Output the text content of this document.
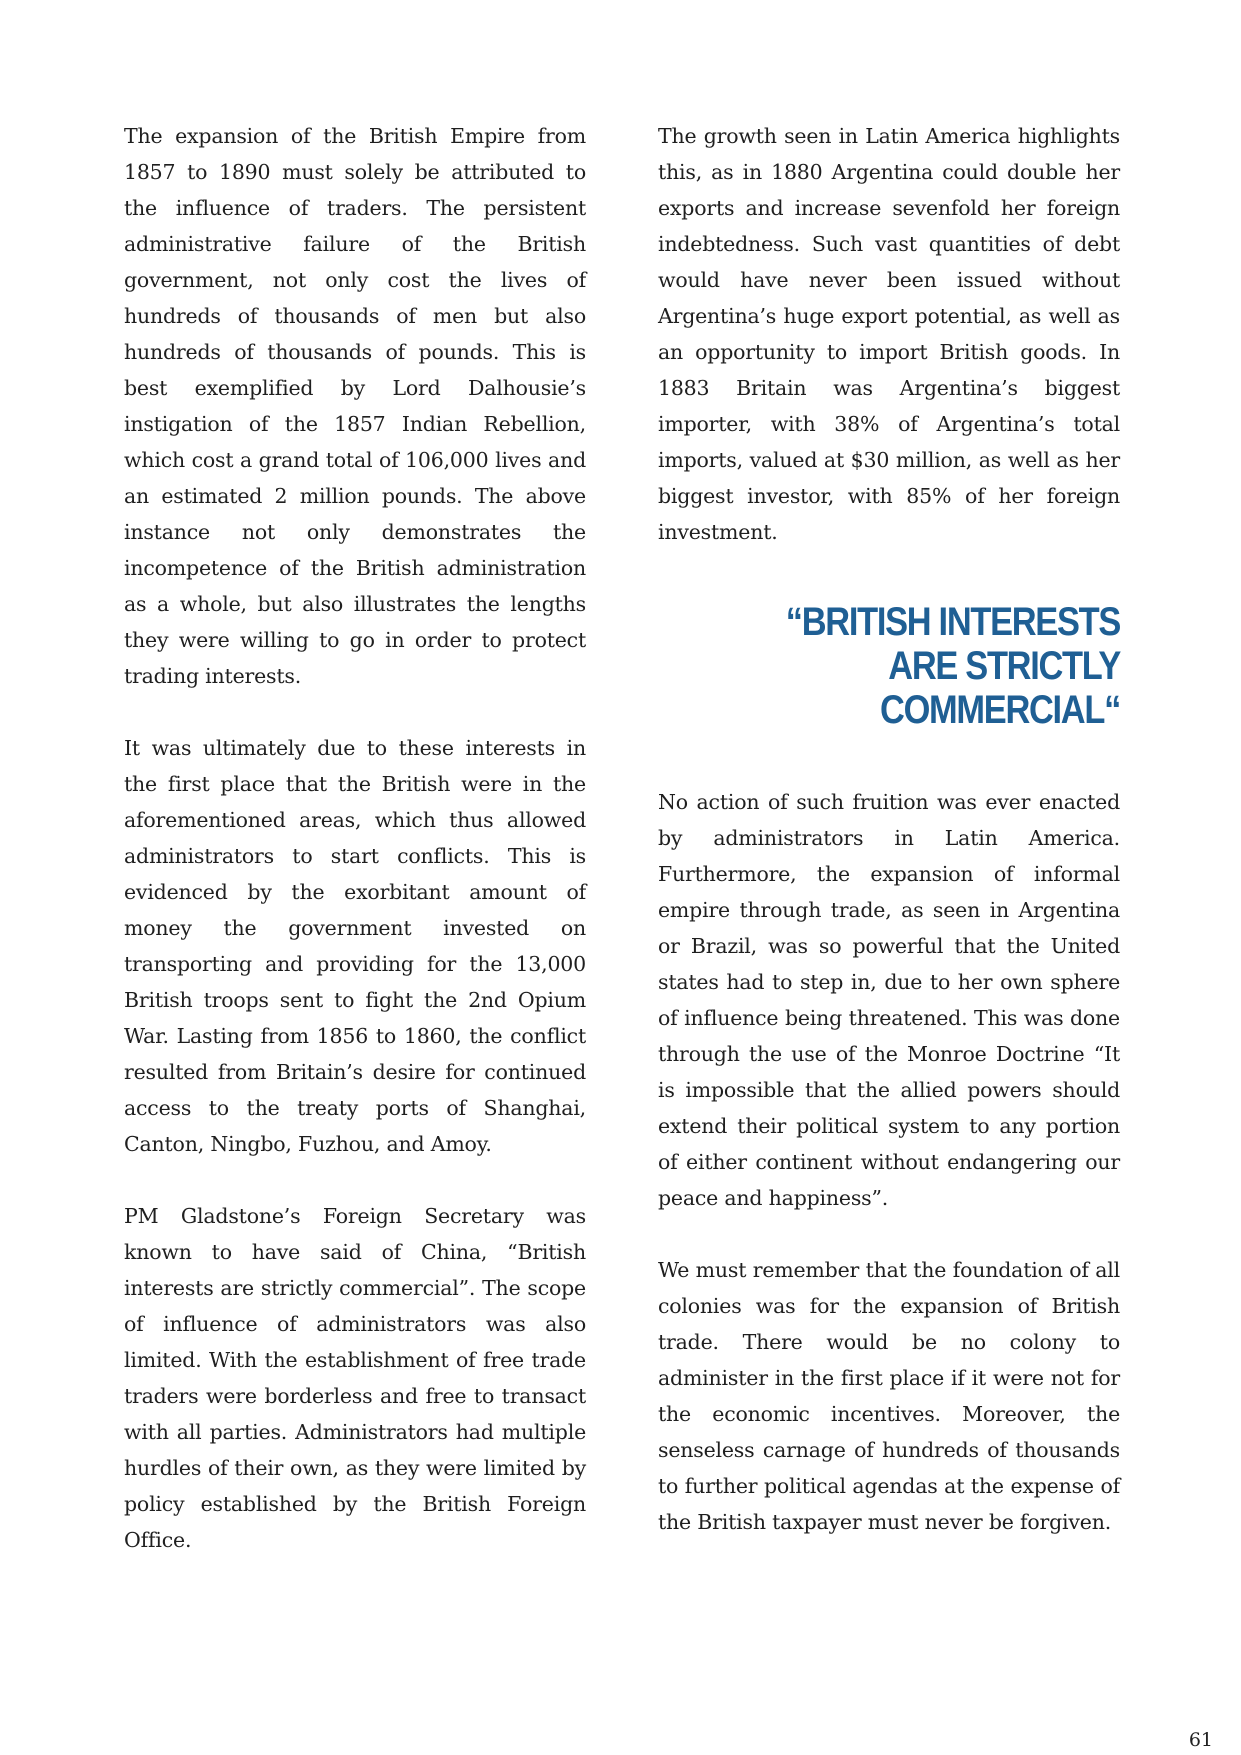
The expansion of the British Empire from 1857 to 1890 must solely be attributed to the influence of traders. The persistent administrative failure of the British government, not only cost the lives of hundreds of thousands of men but also hundreds of thousands of pounds. This is best exemplified by Lord Dalhousie’s instigation of the 1857 Indian Rebellion, which cost a grand total of 106,000 lives and an estimated 2 million pounds. The above instance not only demonstrates the incompetence of the British administration as a whole, but also illustrates the lengths they were willing to go in order to protect trading interests.

It was ultimately due to these interests in the first place that the British were in the aforementioned areas, which thus allowed administrators to start conflicts. This is evidenced by the exorbitant amount of money the government invested on transporting and providing for the 13,000 British troops sent to fight the 2nd Opium War. Lasting from 1856 to 1860, the conflict resulted from Britain’s desire for continued access to the treaty ports of Shanghai, Canton, Ningbo, Fuzhou, and Amoy.

PM Gladstone’s Foreign Secretary was known to have said of China, “British interests are strictly commercial”. The scope of influence of administrators was also limited. With the establishment of free trade traders were borderless and free to transact with all parties. Administrators had multiple hurdles of their own, as they were limited by policy established by the British Foreign Office.

The growth seen in Latin America highlights this, as in 1880 Argentina could double her exports and increase sevenfold her foreign indebtedness. Such vast quantities of debt would have never been issued without Argentina’s huge export potential, as well as an opportunity to import British goods. In 1883 Britain was Argentina’s biggest importer, with 38% of Argentina’s total imports, valued at $30 million, as well as her biggest investor, with 85% of her foreign investment.

“BRITISH INTERESTS
ARE STRICTLY
COMMERCIAL“

No action of such fruition was ever enacted by administrators in Latin America. Furthermore, the expansion of informal empire through trade, as seen in Argentina or Brazil, was so powerful that the United states had to step in, due to her own sphere of influence being threatened. This was done through the use of the Monroe Doctrine “It is impossible that the allied powers should extend their political system to any portion of either continent without endangering our peace and happiness”.

We must remember that the foundation of all colonies was for the expansion of British trade. There would be no colony to administer in the first place if it were not for the economic incentives. Moreover, the senseless carnage of hundreds of thousands to further political agendas at the expense of the British taxpayer must never be forgiven.

61
